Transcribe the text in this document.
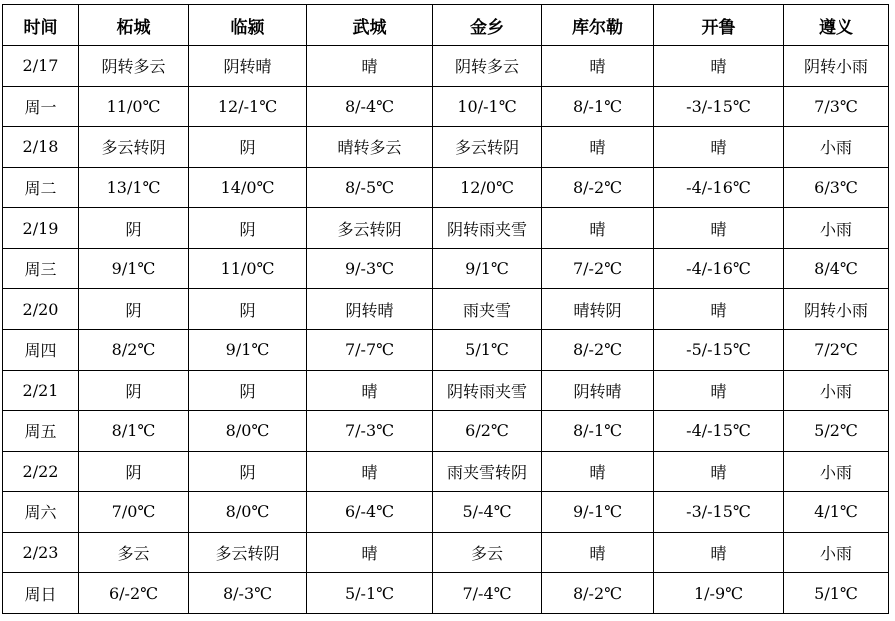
时间	柘城	临颍	武城	金乡	库尔勒	开鲁	遵义
2/17	阴转多云	阴转晴	晴	阴转多云	晴	晴	阴转小雨
周一	11/0℃	12/-1℃	8/-4℃	10/-1℃	8/-1℃	-3/-15℃	7/3℃
2/18	多云转阴	阴	晴转多云	多云转阴	晴	晴	小雨
周二	13/1℃	14/0℃	8/-5℃	12/0℃	8/-2℃	-4/-16℃	6/3℃
2/19	阴	阴	多云转阴	阴转雨夹雪	晴	晴	小雨
周三	9/1℃	11/0℃	9/-3℃	9/1℃	7/-2℃	-4/-16℃	8/4℃
2/20	阴	阴	阴转晴	雨夹雪	晴转阴	晴	阴转小雨
周四	8/2℃	9/1℃	7/-7℃	5/1℃	8/-2℃	-5/-15℃	7/2℃
2/21	阴	阴	晴	阴转雨夹雪	阴转晴	晴	小雨
周五	8/1℃	8/0℃	7/-3℃	6/2℃	8/-1℃	-4/-15℃	5/2℃
2/22	阴	阴	晴	雨夹雪转阴	晴	晴	小雨
周六	7/0℃	8/0℃	6/-4℃	5/-4℃	9/-1℃	-3/-15℃	4/1℃
2/23	多云	多云转阴	晴	多云	晴	晴	小雨
周日	6/-2℃	8/-3℃	5/-1℃	7/-4℃	8/-2℃	1/-9℃	5/1℃
